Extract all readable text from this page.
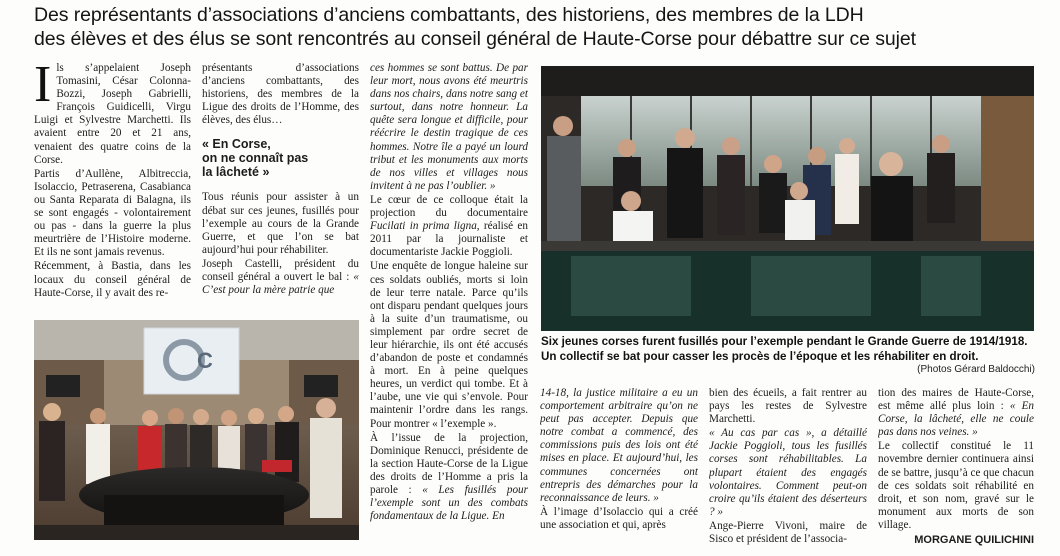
Des représentants d’associations d’anciens combattants, des historiens, des membres de la LDH
des élèves et des élus se sont rencontrés au conseil général de Haute-Corse pour débattre sur ce sujet
I ls s’appelaient Joseph Tomasini, César Colonna-Bozzi, Joseph Gabrielli, François Guidicelli, Virgu Luigi et Sylvestre Marchetti. Ils avaient entre 20 et 21 ans, venaient des quatre coins de la Corse.

Partis d’Aullène, Albitreccia, Isolaccio, Petraserena, Casabianca ou Santa Reparata di Balagna, ils se sont engagés - volontairement ou pas - dans la guerre la plus meurtrière de l’Histoire moderne. Et ils ne sont jamais revenus.

Récemment, à Bastia, dans les locaux du conseil général de Haute-Corse, il y avait des re-

présentants d’associations d’anciens combattants, des historiens, des membres de la Ligue des droits de l’Homme, des élèves, des élus…

« En Corse,
on ne connaît pas
la lâcheté »

Tous réunis pour assister à un débat sur ces jeunes, fusillés pour l’exemple au cours de la Grande Guerre, et que l’on se bat aujourd’hui pour réhabiliter.

Joseph Castelli, président du conseil général a ouvert le bal : « C’est pour la mère patrie que

C

ces hommes se sont battus. De par leur mort, nous avons été meurtris dans nos chairs, dans notre sang et surtout, dans notre honneur. La quête sera longue et difficile, pour réécrire le destin tragique de ces hommes. Notre île a payé un lourd tribut et les monuments aux morts de nos villes et villages nous invitent à ne pas l’oublier. »

Le cœur de ce colloque était la projection du documentaire Fucilati in prima ligna, réalisé en 2011 par la journaliste et documentariste Jackie Poggioli.

Une enquête de longue haleine sur ces soldats oubliés, morts si loin de leur terre natale. Parce qu’ils ont disparu pendant quelques jours à la suite d’un traumatisme, ou simplement par ordre secret de leur hiérarchie, ils ont été accusés d’abandon de poste et condamnés à mort. En à peine quelques heures, un verdict qui tombe. Et à l’aube, une vie qui s’envole. Pour maintenir l’ordre dans les rangs. Pour montrer « l’exemple ».

À l’issue de la projection, Dominique Renucci, présidente de la section Haute-Corse de la Ligue des droits de l’Homme a pris la parole : « Les fusillés pour l’exemple sont un des combats fondamentaux de la Ligue. En

Six jeunes corses furent fusillés pour l’exemple pendant le Grande Guerre de 1914/1918.
Un collectif se bat pour casser les procès de l’époque et les réhabiliter en droit.
(Photos Gérard Baldocchi)

14-18, la justice militaire a eu un comportement arbitraire qu’on ne peut pas accepter. Depuis que notre combat a commencé, des commissions puis des lois ont été mises en place. Et aujourd’hui, les communes concernées ont entrepris des démarches pour la reconnaissance de leurs. »

À l’image d’Isolaccio qui a créé une association et qui, après

bien des écueils, a fait rentrer au pays les restes de Sylvestre Marchetti.

« Au cas par cas », a détaillé Jackie Poggioli, tous les fusillés corses sont réhabilitables. La plupart étaient des engagés volontaires. Comment peut-on croire qu’ils étaient des déserteurs ? »

Ange-Pierre Vivoni, maire de Sisco et président de l’associa-

tion des maires de Haute-Corse, est même allé plus loin : « En Corse, la lâcheté, elle ne coule pas dans nos veines. »

Le collectif constitué le 11 novembre dernier continuera ainsi de se battre, jusqu’à ce que chacun de ces soldats soit réhabilité en droit, et son nom, gravé sur le monument aux morts de son village.

MORGANE QUILICHINI
